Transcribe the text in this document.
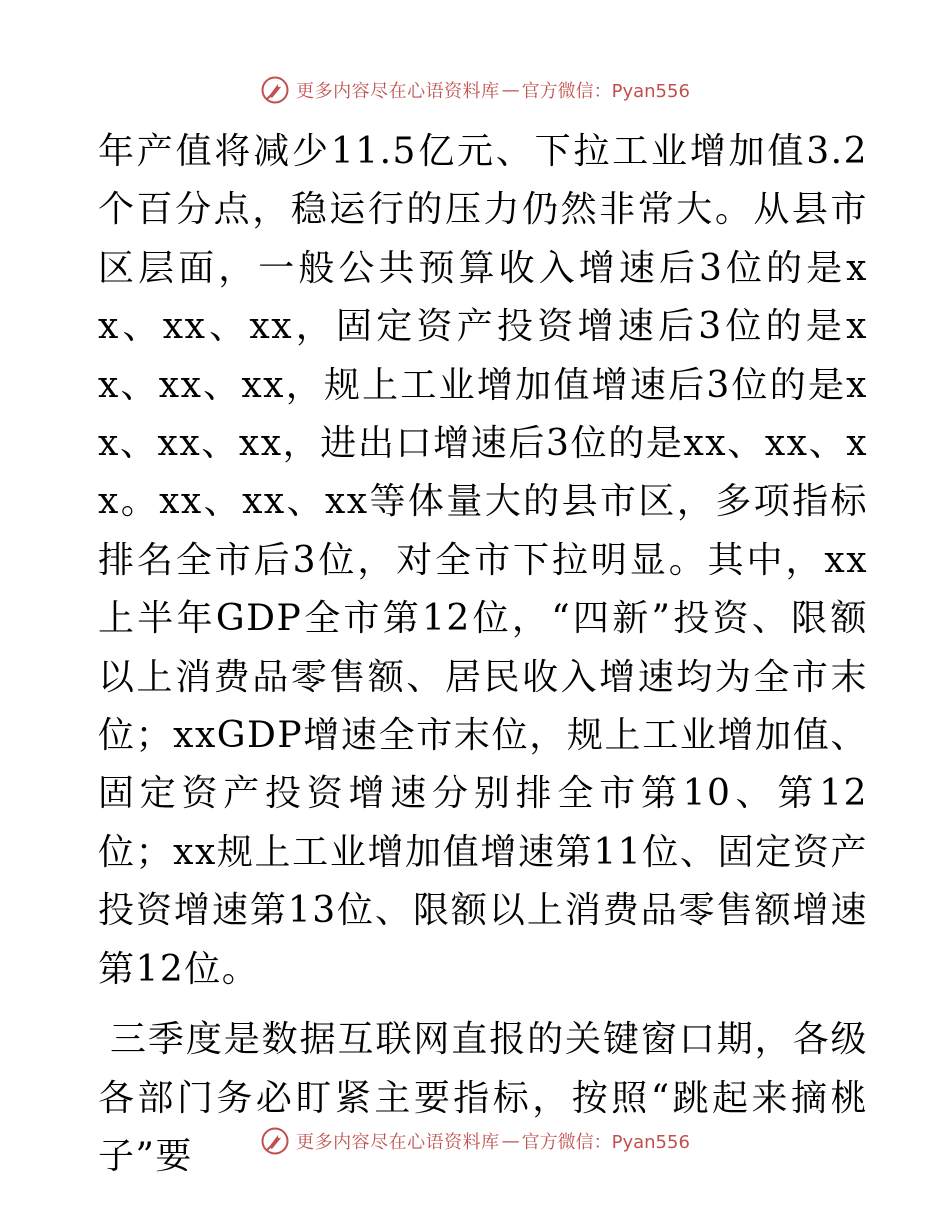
更多内容尽在心语资料库 — 官方微信：Pyan556

年产值将减少11.5亿元、下拉工业增加值3.2个百分点，稳运行的压力仍然非常大。从县市区层面，一般公共预算收入增速后3位的是xx、xx、xx，固定资产投资增速后3位的是xx、xx、xx，规上工业增加值增速后3位的是xx、xx、xx，进出口增速后3位的是xx、xx、xx。xx、xx、xx等体量大的县市区，多项指标排名全市后3位，对全市下拉明显。其中，xx上半年GDP全市第12位，“四新”投资、限额以上消费品零售额、居民收入增速均为全市末位；xxGDP增速全市末位，规上工业增加值、固定资产投资增速分别排全市第10、第12位；xx规上工业增加值增速第11位、固定资产投资增速第13位、限额以上消费品零售额增速第12位。

三季度是数据互联网直报的关键窗口期，各级各部门务必盯紧主要指标，按照“跳起来摘桃子”要	更多内容尽在心语资料库 — 官方微信：Pyan556
